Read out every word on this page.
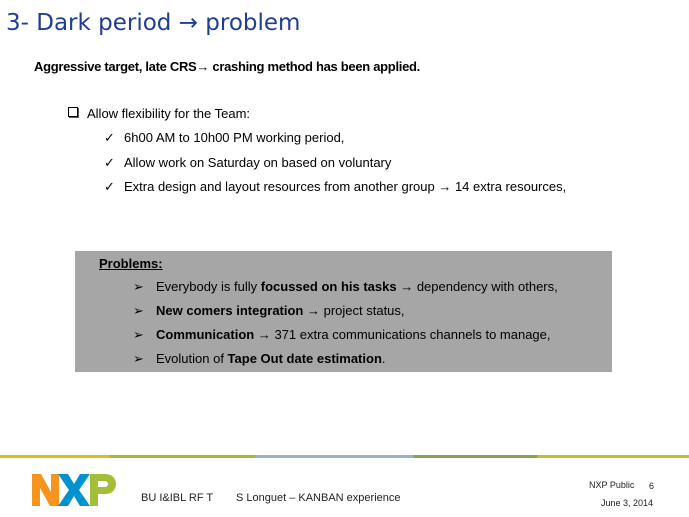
3- Dark period → problem
Aggressive target, late CRS→ crashing method has been applied.
Allow flexibility for the Team:
✓ 6h00 AM to 10h00 PM working period,
✓ Allow work on Saturday on based on voluntary
✓ Extra design and layout resources from another group → 14 extra resources,
Problems:
➢ Everybody is fully focussed on his tasks → dependency with others,
➢ New comers integration → project status,
➢ Communication → 371 extra communications channels to manage,
➢ Evolution of Tape Out date estimation.
BU I&IBL RF T S Longuet – KANBAN experience
NXP Public 6
June 3, 2014
